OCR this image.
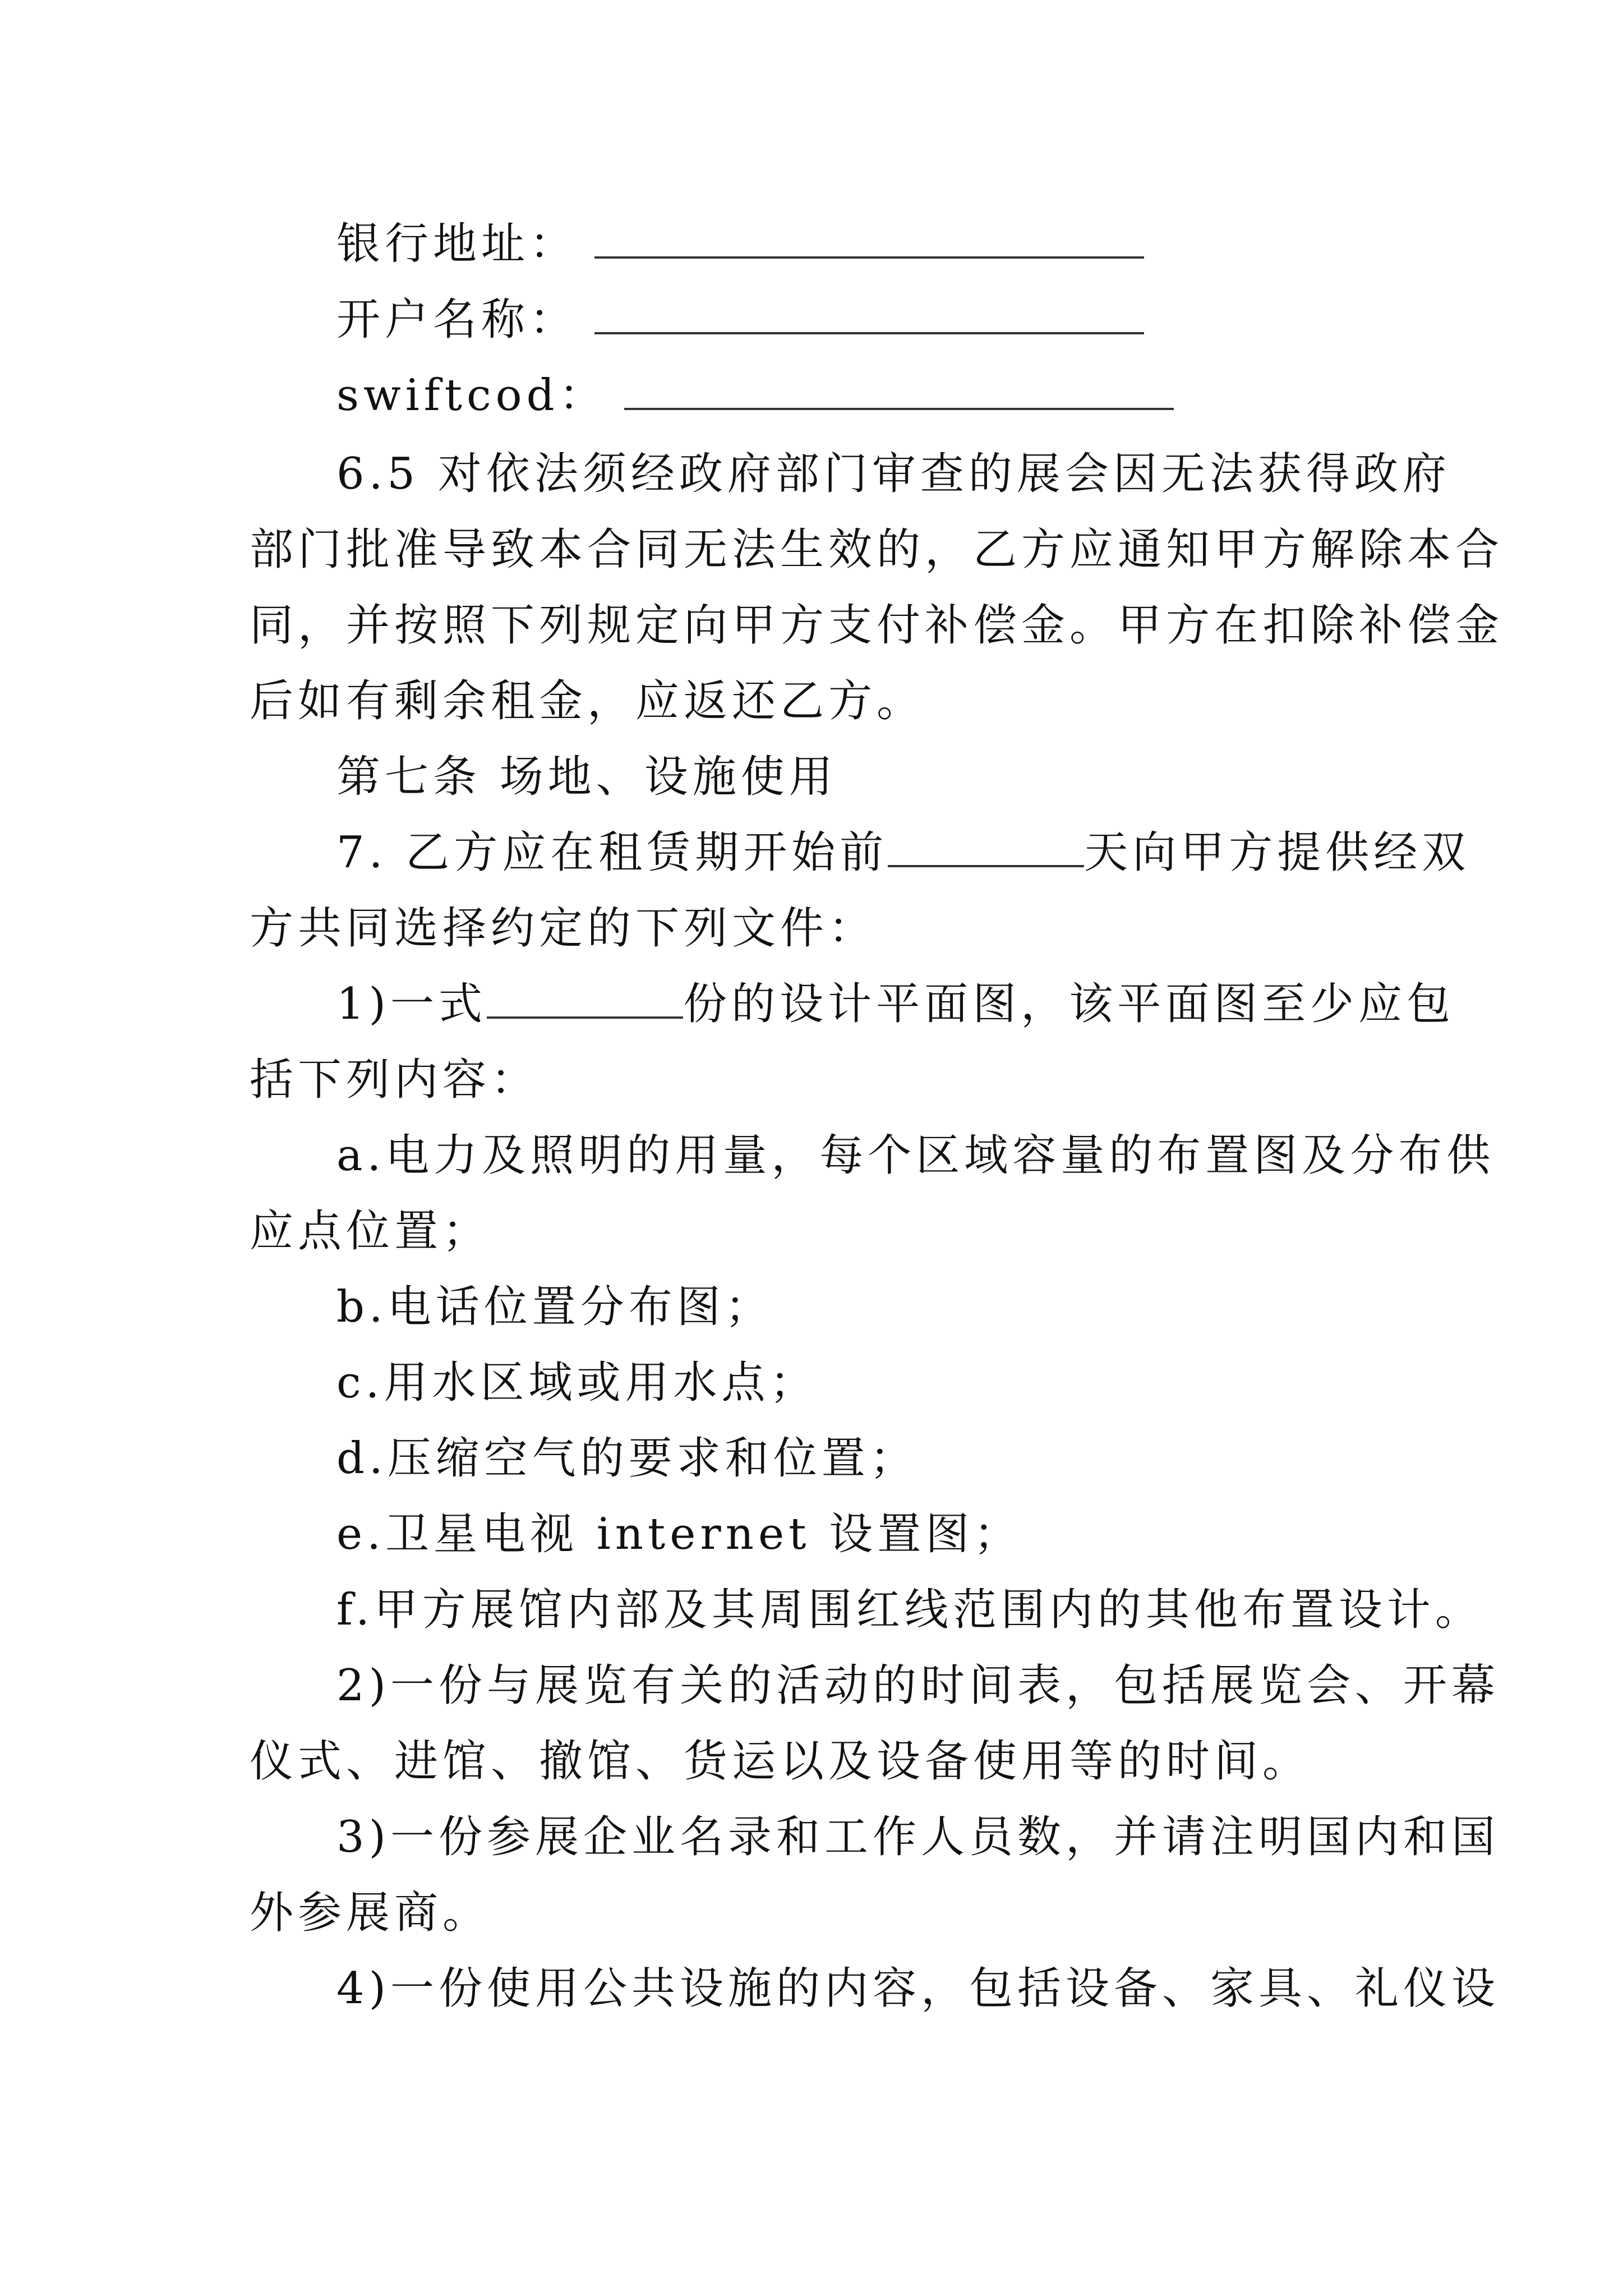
银行地址：
开户名称：
swiftcod：
6.5 对依法须经政府部门审查的展会因无法获得政府
部门批准导致本合同无法生效的，乙方应通知甲方解除本合
同，并按照下列规定向甲方支付补偿金。甲方在扣除补偿金
后如有剩余租金，应返还乙方。
第七条 场地、设施使用
7. 乙方应在租赁期开始前	天向甲方提供经双
方共同选择约定的下列文件：
1)一式	份的设计平面图，该平面图至少应包
括下列内容：
a.电力及照明的用量，每个区域容量的布置图及分布供
应点位置；
b.电话位置分布图；
c.用水区域或用水点；
d.压缩空气的要求和位置；
e.卫星电视 internet 设置图；
f.甲方展馆内部及其周围红线范围内的其他布置设计。
2)一份与展览有关的活动的时间表，包括展览会、开幕
仪式、进馆、撤馆、货运以及设备使用等的时间。
3)一份参展企业名录和工作人员数，并请注明国内和国
外参展商。
4)一份使用公共设施的内容，包括设备、家具、礼仪设
